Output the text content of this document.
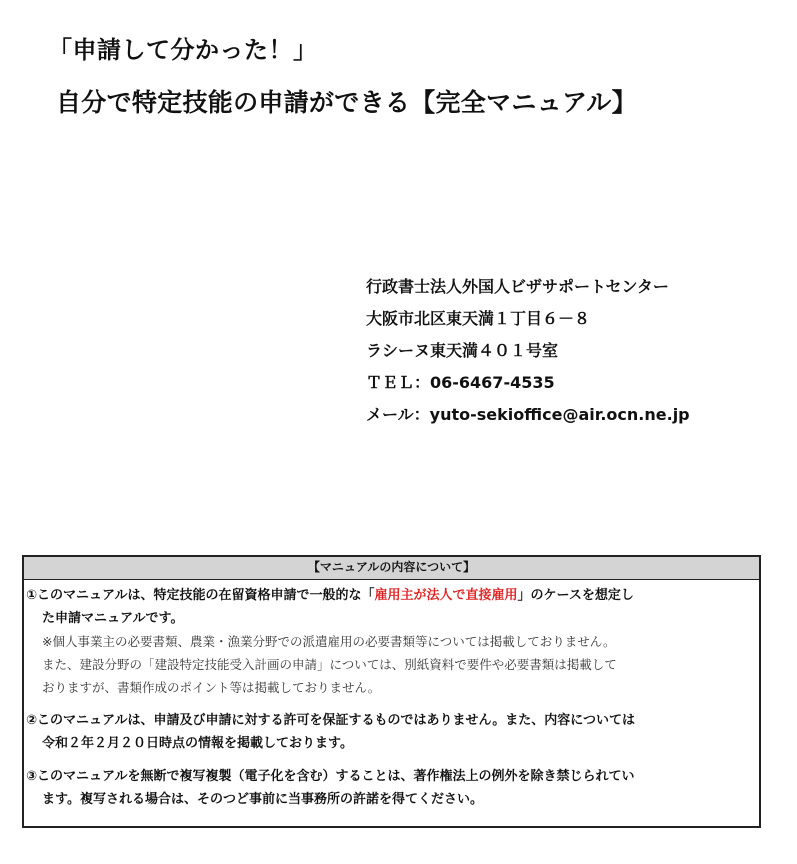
「申請して分かった！」
自分で特定技能の申請ができる【完全マニュアル】
行政書士法人外国人ビザサポートセンター
大阪市北区東天満１丁目６－８
ラシーヌ東天満４０１号室
ＴＥＬ：06-6467-4535
メール：yuto-sekioffice@air.ocn.ne.jp
【マニュアルの内容について】
①このマニュアルは、特定技能の在留資格申請で一般的な「雇用主が法人で直接雇用」のケースを想定し
た申請マニュアルです。
※個人事業主の必要書類、農業・漁業分野での派遣雇用の必要書類等については掲載しておりません。
また、建設分野の「建設特定技能受入計画の申請」については、別紙資料で要件や必要書類は掲載して
おりますが、書類作成のポイント等は掲載しておりません。
②このマニュアルは、申請及び申請に対する許可を保証するものではありません。また、内容については
令和２年２月２０日時点の情報を掲載しております。
③このマニュアルを無断で複写複製（電子化を含む）することは、著作権法上の例外を除き禁じられてい
ます。複写される場合は、そのつど事前に当事務所の許諾を得てください。
